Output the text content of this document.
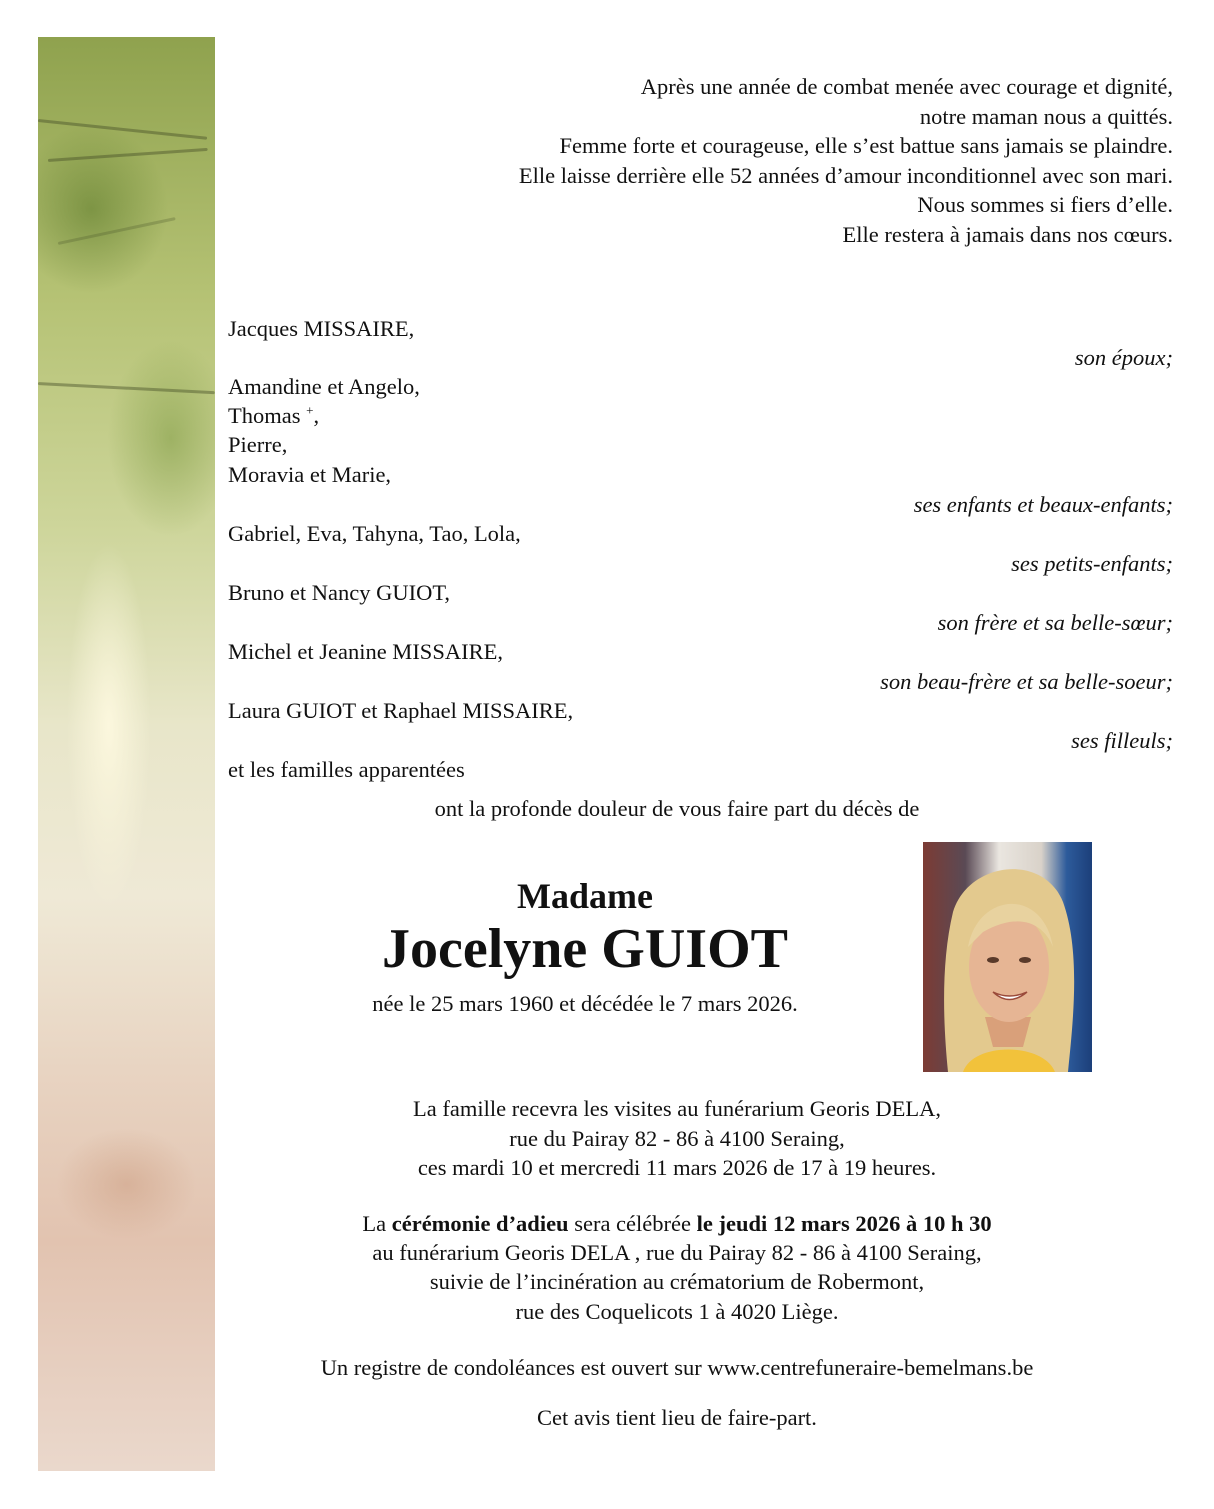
Après une année de combat menée avec courage et dignité,
notre maman nous a quittés.
Femme forte et courageuse, elle s’est battue sans jamais se plaindre.
Elle laisse derrière elle 52 années d’amour inconditionnel avec son mari.
Nous sommes si fiers d’elle.
Elle restera à jamais dans nos cœurs.
Jacques MISSAIRE,
son époux;
Amandine et Angelo,
Thomas +,
Pierre,
Moravia et Marie,
ses enfants et beaux-enfants;
Gabriel, Eva, Tahyna, Tao, Lola,
ses petits-enfants;
Bruno et Nancy GUIOT,
son frère et sa belle-sœur;
Michel et Jeanine MISSAIRE,
son beau-frère et sa belle-soeur;
Laura GUIOT et Raphael MISSAIRE,
ses filleuls;
et les familles apparentées
ont la profonde douleur de vous faire part du décès de
Madame
Jocelyne GUIOT
née le 25 mars 1960 et décédée le 7 mars 2026.
La famille recevra les visites au funérarium Georis DELA,
rue du Pairay 82 - 86 à 4100 Seraing,
ces mardi 10 et mercredi 11 mars 2026 de 17 à 19 heures.
La cérémonie d’adieu sera célébrée le jeudi 12 mars 2026 à 10 h 30
au funérarium Georis DELA , rue du Pairay 82 - 86 à 4100 Seraing,
suivie de l’incinération au crématorium de Robermont,
rue des Coquelicots 1 à 4020 Liège.
Un registre de condoléances est ouvert sur www.centrefuneraire-bemelmans.be
Cet avis tient lieu de faire-part.
